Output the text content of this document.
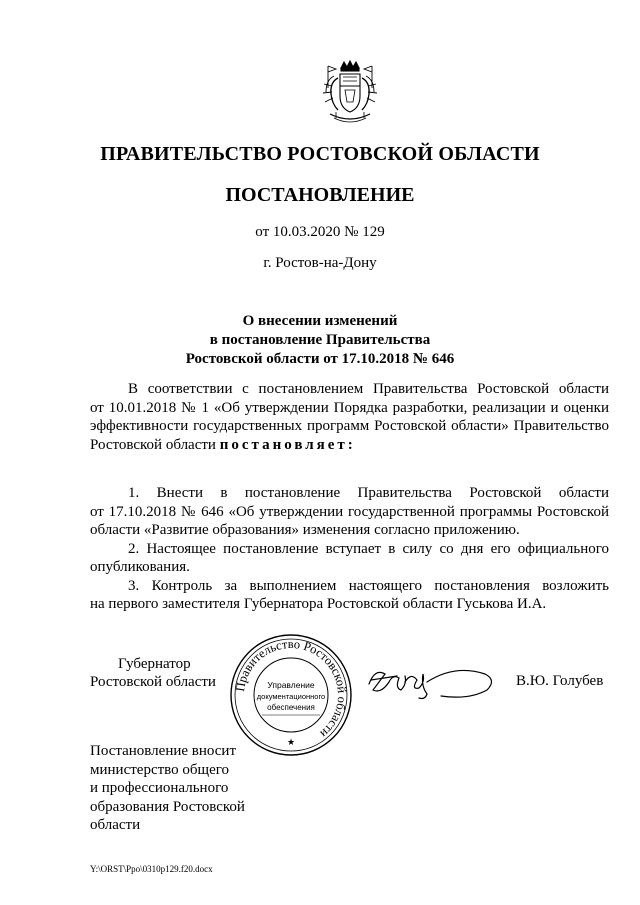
ПРАВИТЕЛЬСТВО РОСТОВСКОЙ ОБЛАСТИ
ПОСТАНОВЛЕНИЕ
от 10.03.2020 № 129
г. Ростов-на-Дону
О внесении изменений
в постановление Правительства
Ростовской области от 17.10.2018 № 646
В соответствии с постановлением Правительства Ростовской области
от 10.01.2018 № 1 «Об утверждении Порядка разработки, реализации и оценки
эффективности государственных программ Ростовской области» Правительство
Ростовской области постановляет:
1. Внести в постановление Правительства Ростовской области
от 17.10.2018 № 646 «Об утверждении государственной программы Ростовской
области «Развитие образования» изменения согласно приложению.
2. Настоящее постановление вступает в силу со дня его официального
опубликования.
3. Контроль за выполнением настоящего постановления возложить
на первого заместителя Губернатора Ростовской области Гуськова И.А.
Губернатор
Ростовской области	Правительство Ростовской области
★
Управление
документационного
обеспечения
В.Ю. Голубев
Постановление вносит
министерство общего
и профессионального
образования Ростовской
области
Y:\ORST\Ppo\0310p129.f20.docx
